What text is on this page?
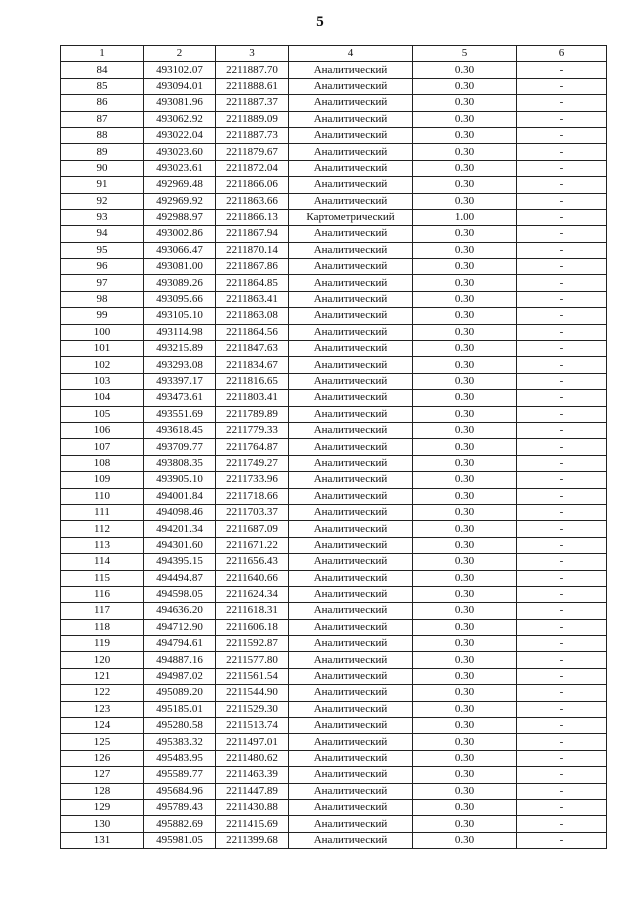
5
1	2	3	4	5	6
84	493102.07	2211887.70	Аналитический	0.30	-
85	493094.01	2211888.61	Аналитический	0.30	-
86	493081.96	2211887.37	Аналитический	0.30	-
87	493062.92	2211889.09	Аналитический	0.30	-
88	493022.04	2211887.73	Аналитический	0.30	-
89	493023.60	2211879.67	Аналитический	0.30	-
90	493023.61	2211872.04	Аналитический	0.30	-
91	492969.48	2211866.06	Аналитический	0.30	-
92	492969.92	2211863.66	Аналитический	0.30	-
93	492988.97	2211866.13	Картометрический	1.00	-
94	493002.86	2211867.94	Аналитический	0.30	-
95	493066.47	2211870.14	Аналитический	0.30	-
96	493081.00	2211867.86	Аналитический	0.30	-
97	493089.26	2211864.85	Аналитический	0.30	-
98	493095.66	2211863.41	Аналитический	0.30	-
99	493105.10	2211863.08	Аналитический	0.30	-
100	493114.98	2211864.56	Аналитический	0.30	-
101	493215.89	2211847.63	Аналитический	0.30	-
102	493293.08	2211834.67	Аналитический	0.30	-
103	493397.17	2211816.65	Аналитический	0.30	-
104	493473.61	2211803.41	Аналитический	0.30	-
105	493551.69	2211789.89	Аналитический	0.30	-
106	493618.45	2211779.33	Аналитический	0.30	-
107	493709.77	2211764.87	Аналитический	0.30	-
108	493808.35	2211749.27	Аналитический	0.30	-
109	493905.10	2211733.96	Аналитический	0.30	-
110	494001.84	2211718.66	Аналитический	0.30	-
111	494098.46	2211703.37	Аналитический	0.30	-
112	494201.34	2211687.09	Аналитический	0.30	-
113	494301.60	2211671.22	Аналитический	0.30	-
114	494395.15	2211656.43	Аналитический	0.30	-
115	494494.87	2211640.66	Аналитический	0.30	-
116	494598.05	2211624.34	Аналитический	0.30	-
117	494636.20	2211618.31	Аналитический	0.30	-
118	494712.90	2211606.18	Аналитический	0.30	-
119	494794.61	2211592.87	Аналитический	0.30	-
120	494887.16	2211577.80	Аналитический	0.30	-
121	494987.02	2211561.54	Аналитический	0.30	-
122	495089.20	2211544.90	Аналитический	0.30	-
123	495185.01	2211529.30	Аналитический	0.30	-
124	495280.58	2211513.74	Аналитический	0.30	-
125	495383.32	2211497.01	Аналитический	0.30	-
126	495483.95	2211480.62	Аналитический	0.30	-
127	495589.77	2211463.39	Аналитический	0.30	-
128	495684.96	2211447.89	Аналитический	0.30	-
129	495789.43	2211430.88	Аналитический	0.30	-
130	495882.69	2211415.69	Аналитический	0.30	-
131	495981.05	2211399.68	Аналитический	0.30	-
